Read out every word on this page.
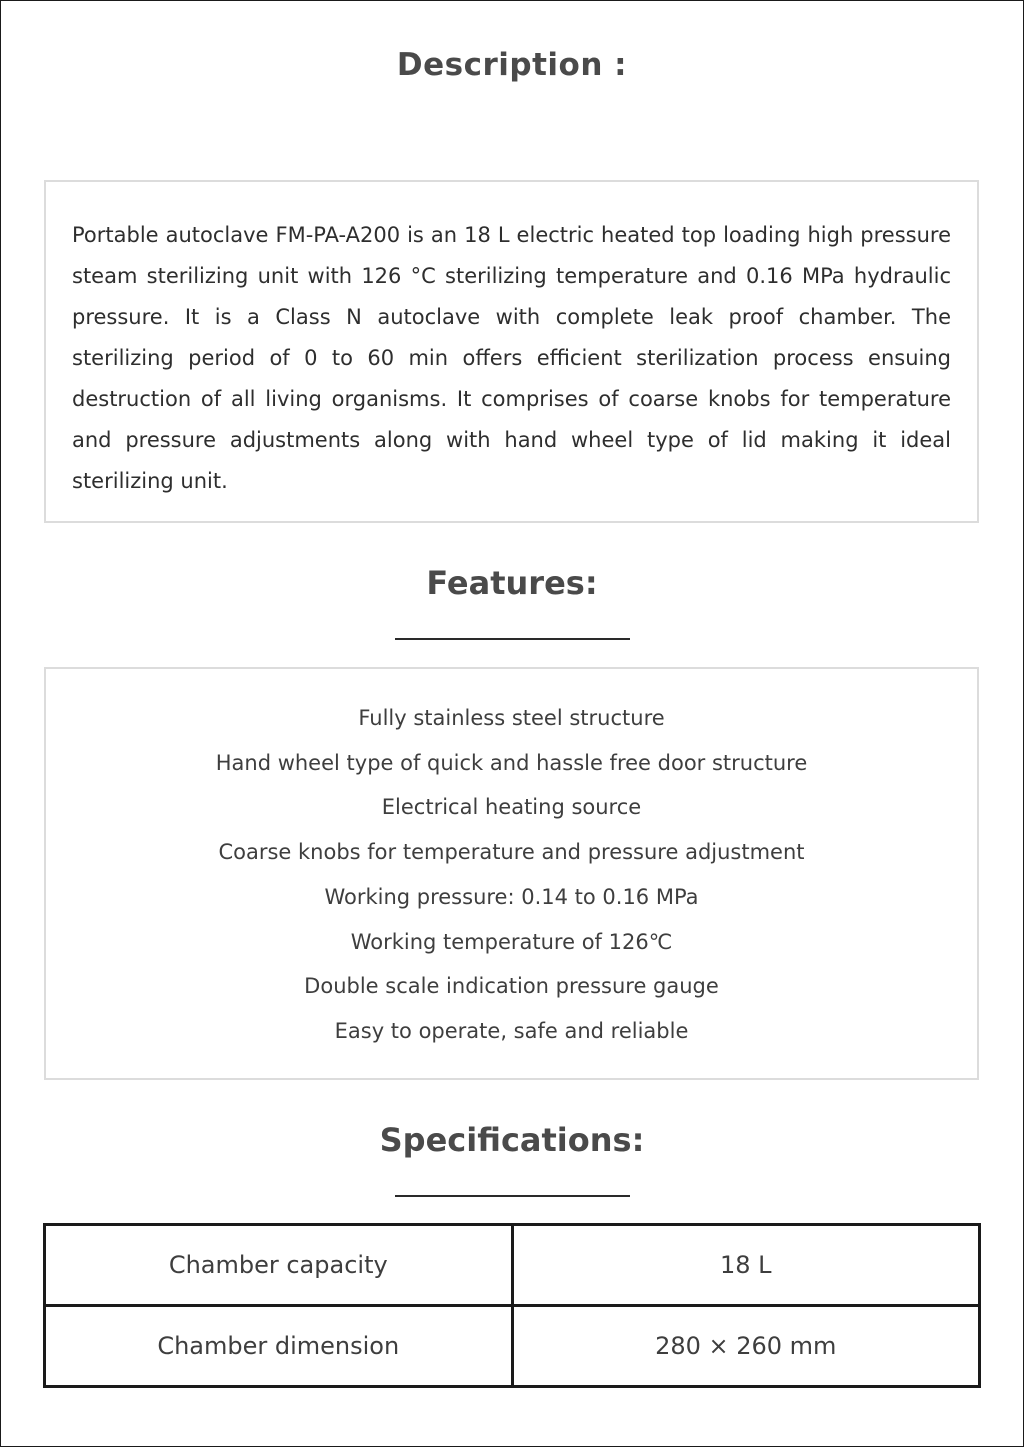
Description :

Portable autoclave FM-PA-A200 is an 18 L electric heated top loading high pressure steam sterilizing unit with 126 °C sterilizing temperature and 0.16 MPa hydraulic pressure. It is a Class N autoclave with complete leak proof chamber. The sterilizing period of 0 to 60 min offers efficient sterilization process ensuing destruction of all living organisms. It comprises of coarse knobs for temperature and pressure adjustments along with hand wheel type of lid making it ideal sterilizing unit.

Features:
Fully stainless steel structure
Hand wheel type of quick and hassle free door structure
Electrical heating source
Coarse knobs for temperature and pressure adjustment
Working pressure: 0.14 to 0.16 MPa
Working temperature of 126℃
Double scale indication pressure gauge
Easy to operate, safe and reliable
Specifications:
Chamber capacity	18 L
Chamber dimension	280 × 260 mm
